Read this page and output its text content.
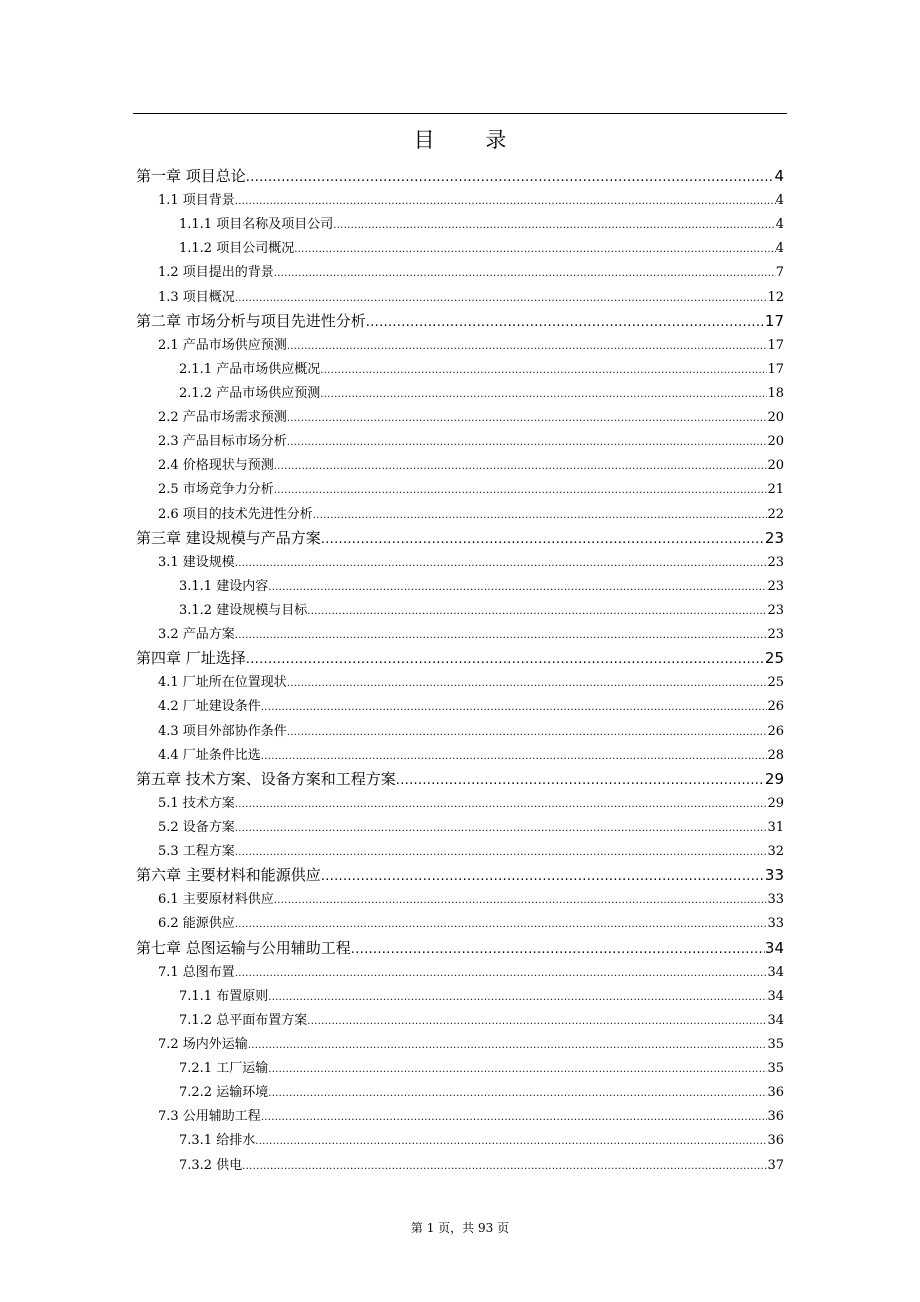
目 录
第一章 项目总论 .....	4
1.1 项目背景 .....	4
1.1.1 项目名称及项目公司 .....	4
1.1.2 项目公司概况 .....	4
1.2 项目提出的背景 .....	7
1.3 项目概况 .....	12
第二章 市场分析与项目先进性分析 .....	17
2.1 产品市场供应预测 .....	17
2.1.1 产品市场供应概况 .....	17
2.1.2 产品市场供应预测 .....	18
2.2 产品市场需求预测 .....	20
2.3 产品目标市场分析 .....	20
2.4 价格现状与预测 .....	20
2.5 市场竞争力分析 .....	21
2.6 项目的技术先进性分析 .....	22
第三章 建设规模与产品方案 .....	23
3.1 建设规模 .....	23
3.1.1 建设内容 .....	23
3.1.2 建设规模与目标 .....	23
3.2 产品方案 .....	23
第四章 厂址选择 .....	25
4.1 厂址所在位置现状 .....	25
4.2 厂址建设条件 .....	26
4.3 项目外部协作条件 .....	26
4.4 厂址条件比选 .....	28
第五章 技术方案、设备方案和工程方案 .....	29
5.1 技术方案 .....	29
5.2 设备方案 .....	31
5.3 工程方案 .....	32
第六章 主要材料和能源供应 .....	33
6.1 主要原材料供应 .....	33
6.2 能源供应 .....	33
第七章 总图运输与公用辅助工程 .....	34
7.1 总图布置 .....	34
7.1.1 布置原则 .....	34
7.1.2 总平面布置方案 .....	34
7.2 场内外运输 .....	35
7.2.1 工厂运输 .....	35
7.2.2 运输环境 .....	36
7.3 公用辅助工程 .....	36
7.3.1 给排水 .....	36
7.3.2 供电 .....	37
第 1 页，共 93 页
